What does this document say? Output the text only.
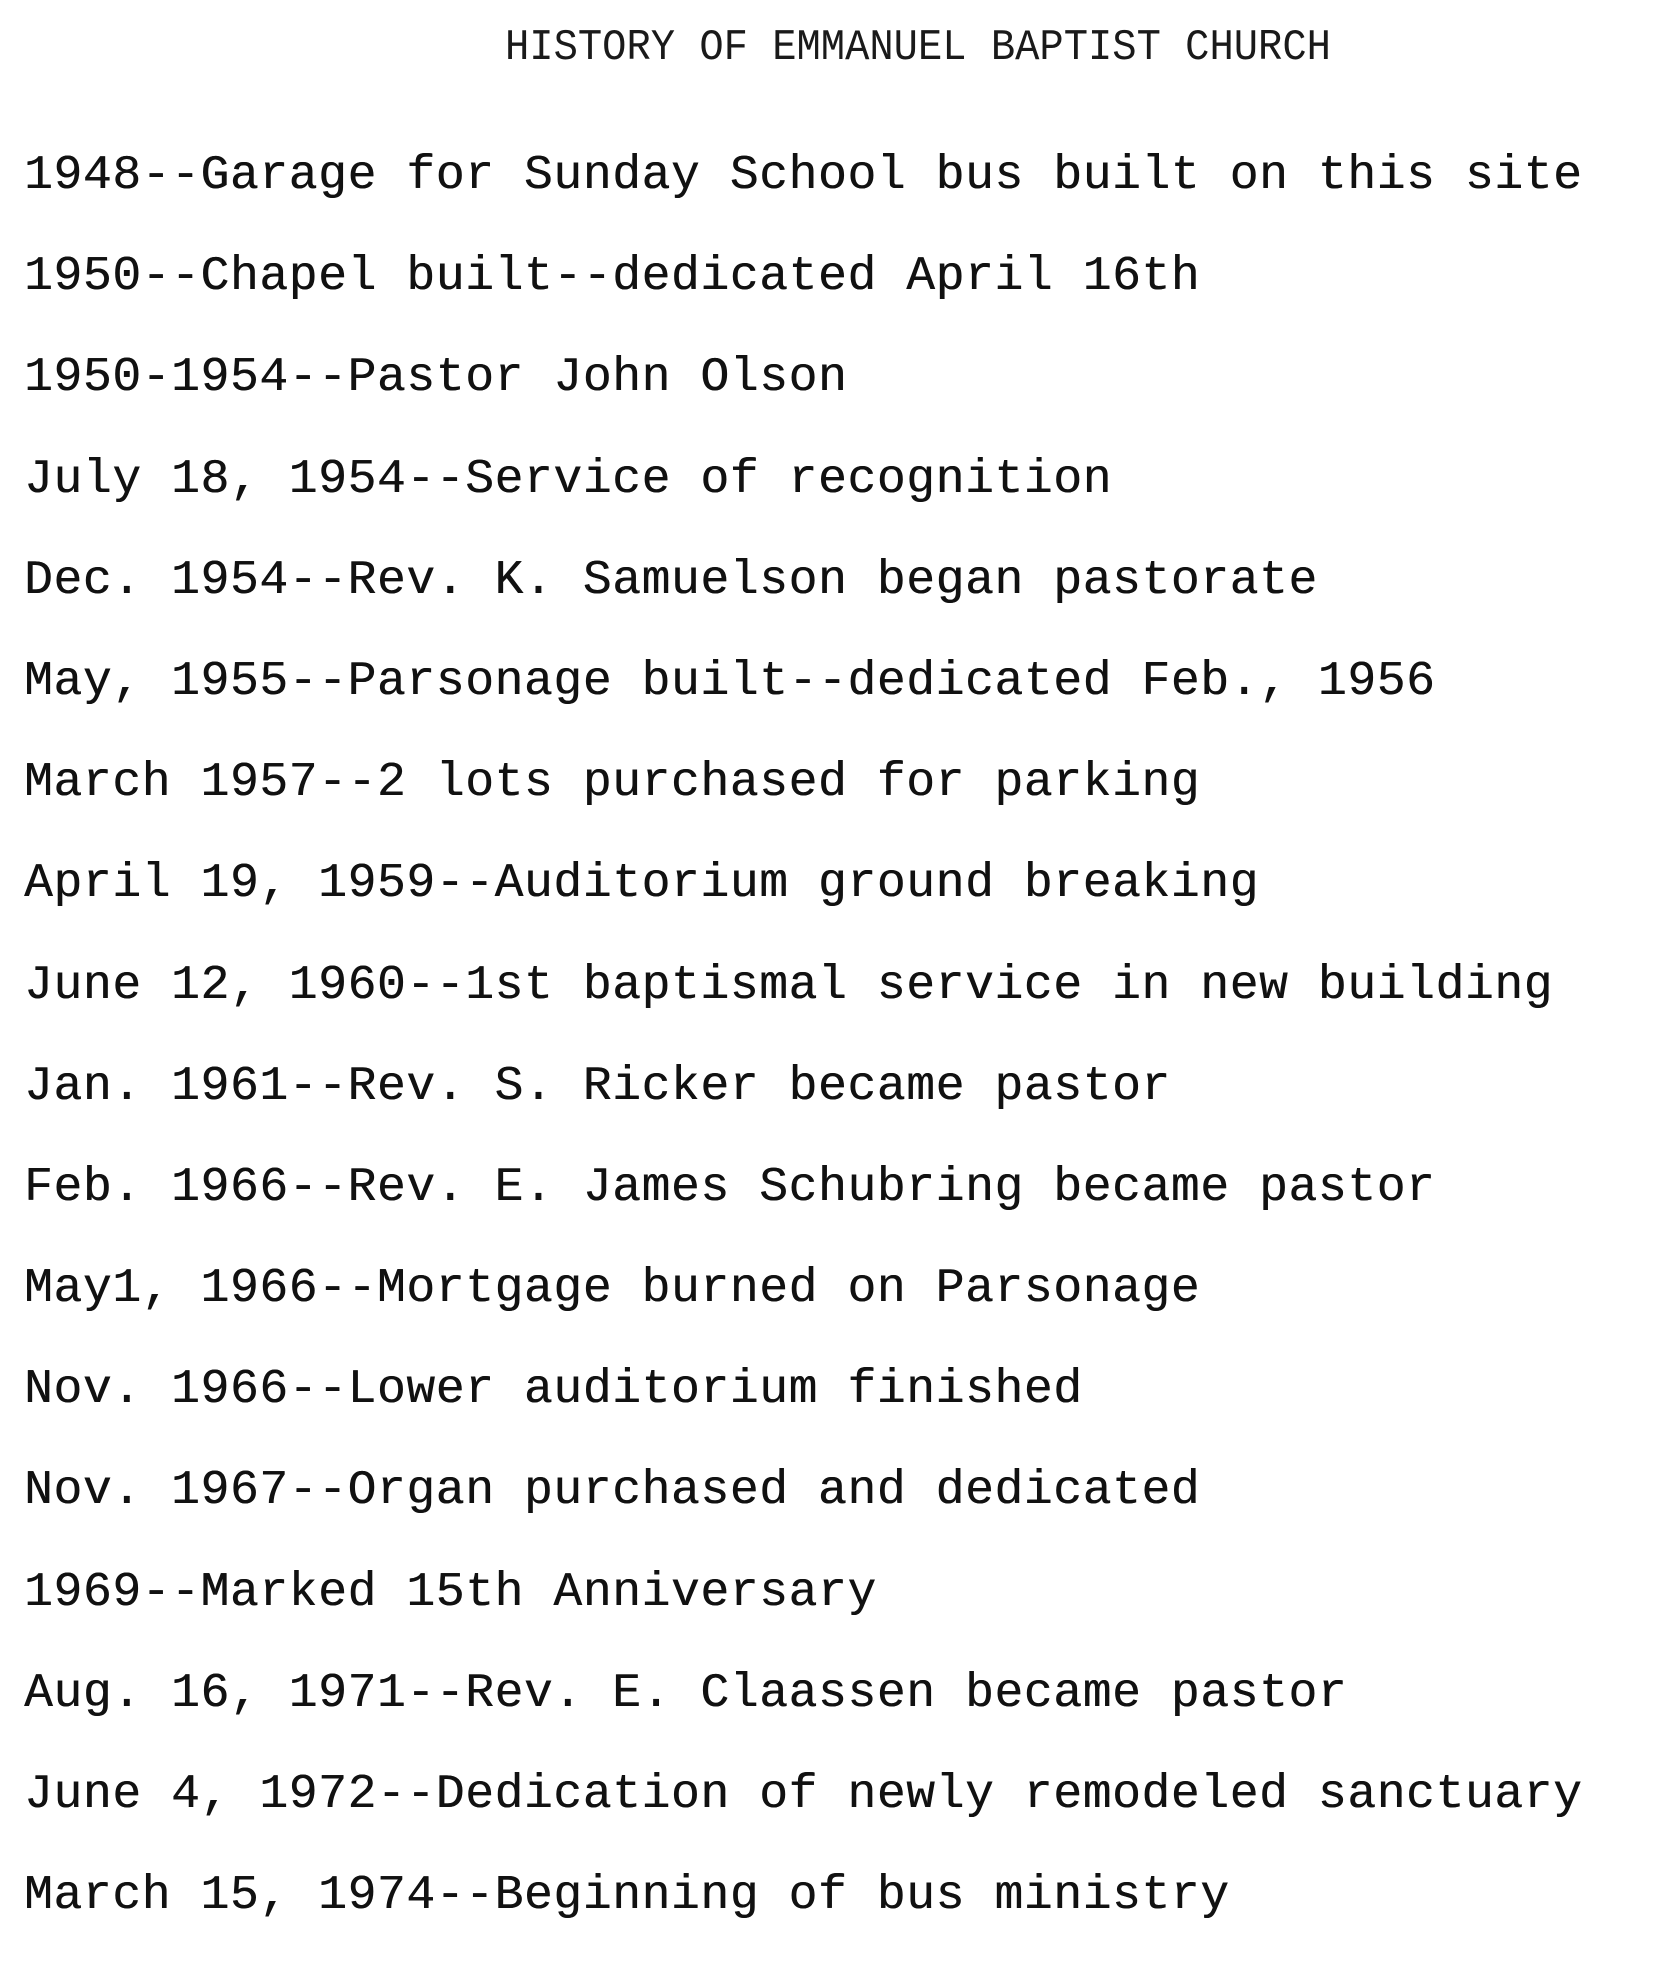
HISTORY OF EMMANUEL BAPTIST CHURCH
1948--Garage for Sunday School bus built on this site
1950--Chapel built--dedicated April 16th
1950-1954--Pastor John Olson
July 18, 1954--Service of recognition
Dec. 1954--Rev. K. Samuelson began pastorate
May, 1955--Parsonage built--dedicated Feb., 1956
March 1957--2 lots purchased for parking
April 19, 1959--Auditorium ground breaking
June 12, 1960--1st baptismal service in new building
Jan. 1961--Rev. S. Ricker became pastor
Feb. 1966--Rev. E. James Schubring became pastor
May1, 1966--Mortgage burned on Parsonage
Nov. 1966--Lower auditorium finished
Nov. 1967--Organ purchased and dedicated
1969--Marked 15th Anniversary
Aug. 16, 1971--Rev. E. Claassen became pastor
June 4, 1972--Dedication of newly remodeled sanctuary
March 15, 1974--Beginning of bus ministry
